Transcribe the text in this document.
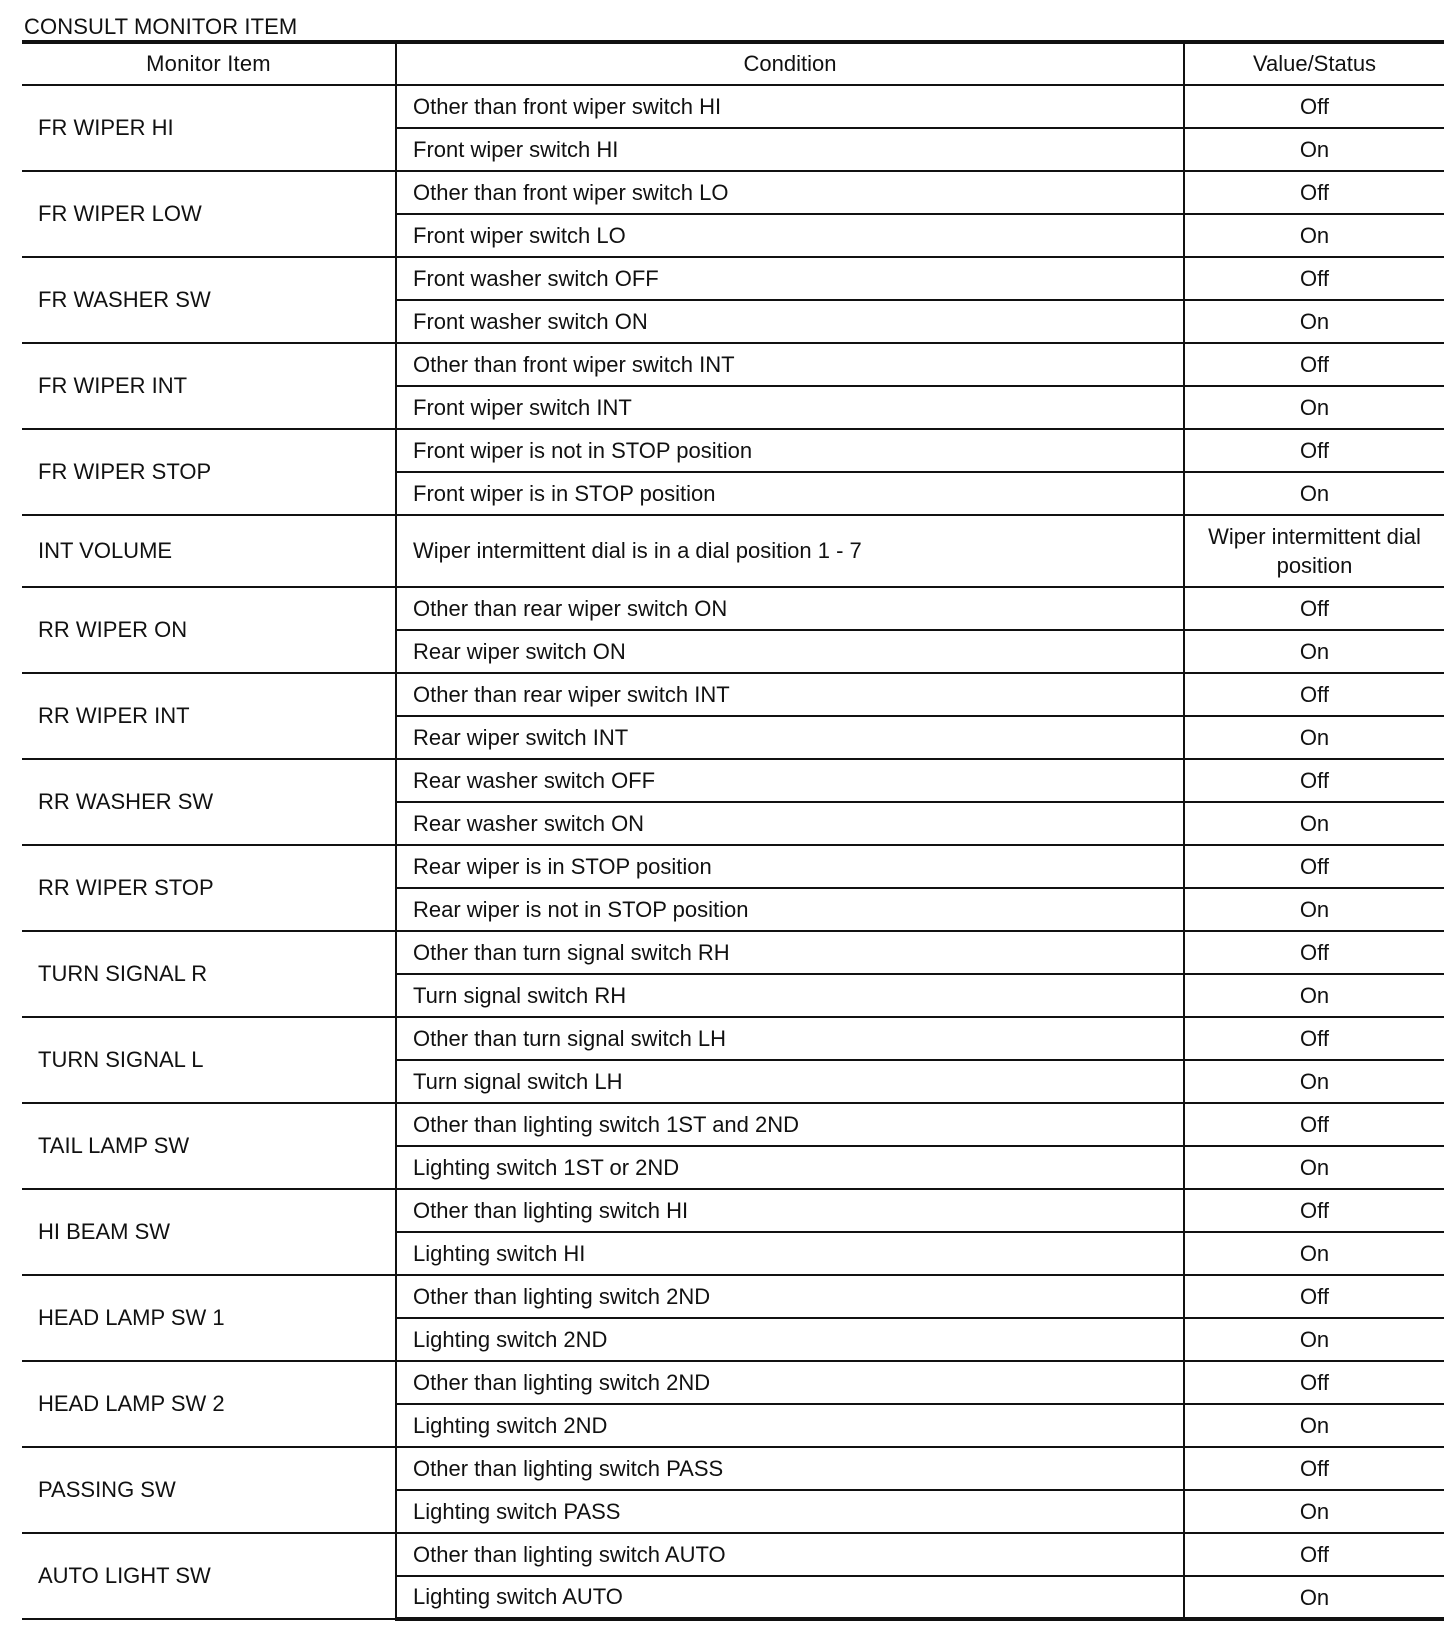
CONSULT MONITOR ITEM
Monitor Item	Condition	Value/Status
FR WIPER HI	Other than front wiper switch HI	Off
	Front wiper switch HI	On
FR WIPER LOW	Other than front wiper switch LO	Off
	Front wiper switch LO	On
FR WASHER SW	Front washer switch OFF	Off
	Front washer switch ON	On
FR WIPER INT	Other than front wiper switch INT	Off
	Front wiper switch INT	On
FR WIPER STOP	Front wiper is not in STOP position	Off
	Front wiper is in STOP position	On
INT VOLUME	Wiper intermittent dial is in a dial position 1 - 7	Wiper intermittent dial position
RR WIPER ON	Other than rear wiper switch ON	Off
	Rear wiper switch ON	On
RR WIPER INT	Other than rear wiper switch INT	Off
	Rear wiper switch INT	On
RR WASHER SW	Rear washer switch OFF	Off
	Rear washer switch ON	On
RR WIPER STOP	Rear wiper is in STOP position	Off
	Rear wiper is not in STOP position	On
TURN SIGNAL R	Other than turn signal switch RH	Off
	Turn signal switch RH	On
TURN SIGNAL L	Other than turn signal switch LH	Off
	Turn signal switch LH	On
TAIL LAMP SW	Other than lighting switch 1ST and 2ND	Off
	Lighting switch 1ST or 2ND	On
HI BEAM SW	Other than lighting switch HI	Off
	Lighting switch HI	On
HEAD LAMP SW 1	Other than lighting switch 2ND	Off
	Lighting switch 2ND	On
HEAD LAMP SW 2	Other than lighting switch 2ND	Off
	Lighting switch 2ND	On
PASSING SW	Other than lighting switch PASS	Off
	Lighting switch PASS	On
AUTO LIGHT SW	Other than lighting switch AUTO	Off
	Lighting switch AUTO	On
